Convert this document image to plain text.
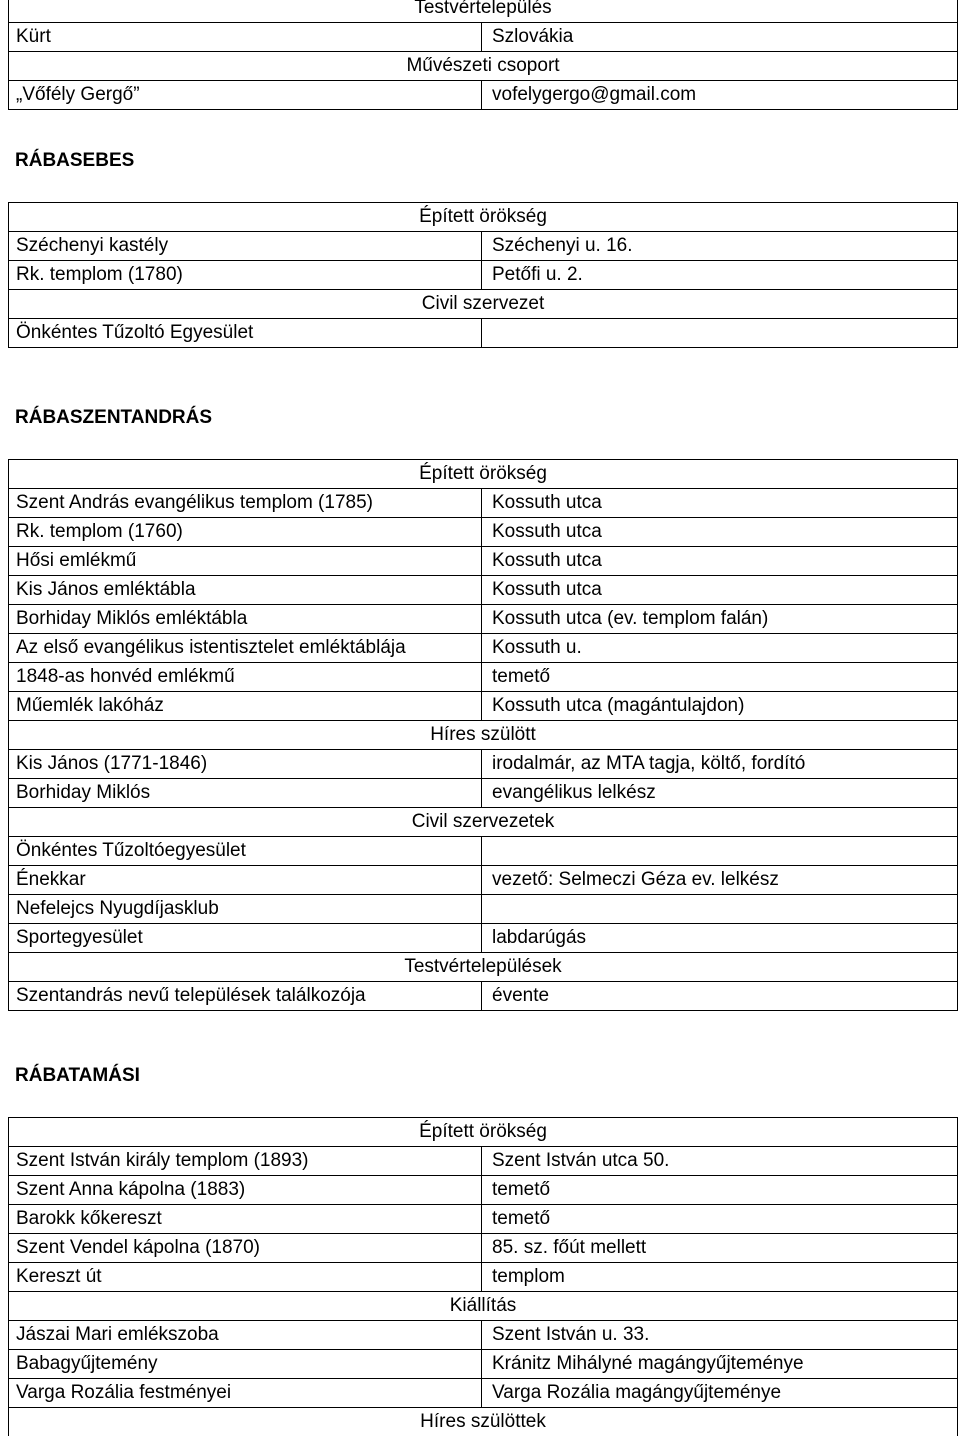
Testvértelepülés	
Kürt	Szlovákia
Művészeti csoport	
„Vőfély Gergő”	vofelygergo@gmail.com
RÁBASEBES
Épített örökség	
Széchenyi kastély	Széchenyi u. 16.
Rk. templom (1780)	Petőfi u. 2.
Civil szervezet	
Önkéntes Tűzoltó Egyesület	
RÁBASZENTANDRÁS
Épített örökség	
Szent András evangélikus templom (1785)	Kossuth utca
Rk. templom (1760)	Kossuth utca
Hősi emlékmű	Kossuth utca
Kis János emléktábla	Kossuth utca
Borhiday Miklós emléktábla	Kossuth utca (ev. templom falán)
Az első evangélikus istentisztelet emléktáblája	Kossuth u.
1848-as honvéd emlékmű	temető
Műemlék lakóház	Kossuth utca (magántulajdon)
Híres szülött	
Kis János (1771-1846)	irodalmár, az MTA tagja, költő, fordító
Borhiday Miklós	evangélikus lelkész
Civil szervezetek	
Önkéntes Tűzoltóegyesület	
Énekkar	vezető: Selmeczi Géza ev. lelkész
Nefelejcs Nyugdíjasklub	
Sportegyesület	labdarúgás
Testvértelepülések	
Szentandrás nevű települések találkozója	évente
RÁBATAMÁSI
Épített örökség	
Szent István király templom (1893)	Szent István utca 50.
Szent Anna kápolna (1883)	temető
Barokk kőkereszt	temető
Szent Vendel kápolna (1870)	85. sz. főút mellett
Kereszt út	templom
Kiállítás	
Jászai Mari emlékszoba	Szent István u. 33.
Babagyűjtemény	Kránitz Mihályné magángyűjteménye
Varga Rozália festményei	Varga Rozália magángyűjteménye
Híres szülöttek	
